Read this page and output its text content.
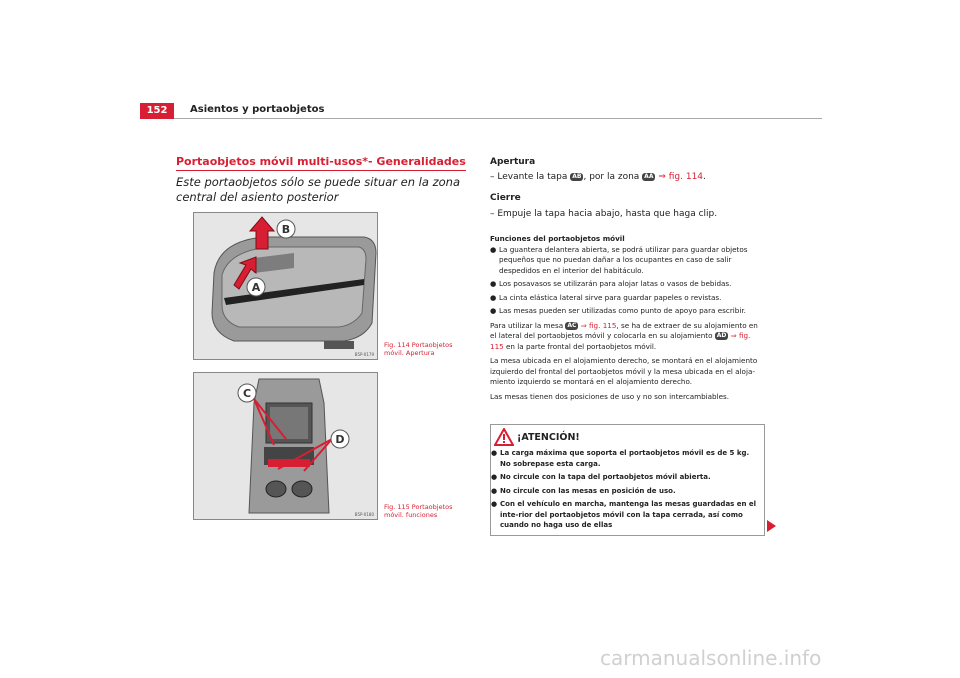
152	Asientos y portaobjetos
Portaobjetos móvil multi-usos*- Generalidades
Este portaobjetos sólo se puede situar en la zona central del asiento posterior
B
A
B5P-0179
Fig. 114 Portaobjetos móvil. Apertura
C
D
B5P-0180
Fig. 115 Portaobjetos móvil. funciones
Apertura
– Levante la tapa AB , por la zona AA ⇒ fig. 114.
Cierre
– Empuje la tapa hacia abajo, hasta que haga clip.
Funciones del portaobjetos móvil
● La guantera delantera abierta, se podrá utilizar para guardar objetos pequeños que no puedan dañar a los ocupantes en caso de salir despedidos en el interior del habitáculo.
● Los posavasos se utilizarán para alojar latas o vasos de bebidas.
● La cinta elástica lateral sirve para guardar papeles o revistas.
● Las mesas pueden ser utilizadas como punto de apoyo para escribir.
Para utilizar la mesa AC ⇒ fig. 115, se ha de extraer de su alojamiento en el lateral del portaobjetos móvil y colocarla en su alojamiento AD ⇒ fig. 115 en la parte frontal del portaobjetos móvil.
La mesa ubicada en el alojamiento derecho, se montará en el alojamiento izquierdo del frontal del portaobjetos móvil y la mesa ubicada en el aloja-miento izquierdo se montará en el alojamiento derecho.
Las mesas tienen dos posiciones de uso y no son intercambiables.
¡ATENCIÓN!
● La carga máxima que soporta el portaobjetos móvil es de 5 kg. No sobrepase esta carga.
● No circule con la tapa del portaobjetos móvil abierta.
● No circule con las mesas en posición de uso.
● Con el vehículo en marcha, mantenga las mesas guardadas en el inte-rior del portaobjetos móvil con la tapa cerrada, así como cuando no haga uso de ellas
carmanualsonline.info
